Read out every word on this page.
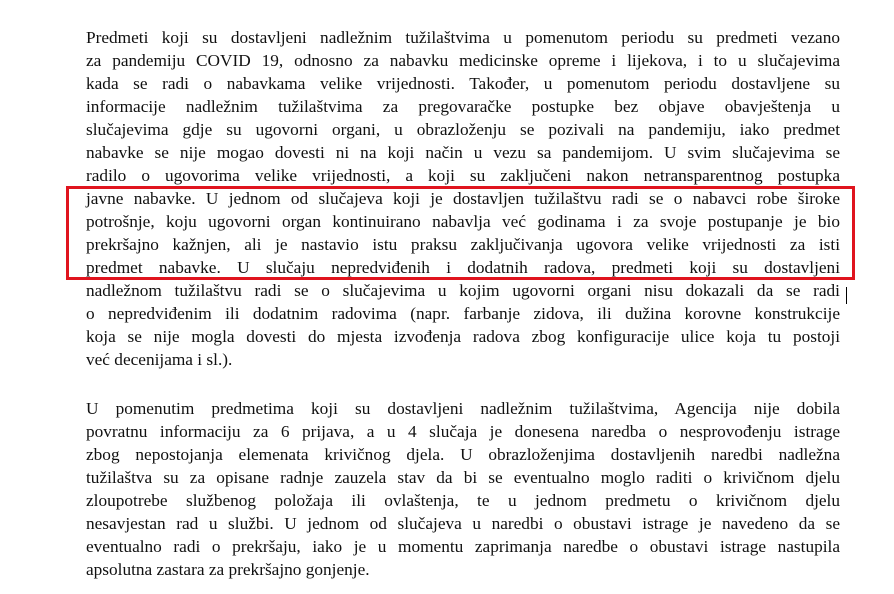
Predmeti koji su dostavljeni nadležnim tužilaštvima u pomenutom periodu su predmeti vezano
za pandemiju COVID 19, odnosno za nabavku medicinske opreme i lijekova, i to u slučajevima
kada se radi o nabavkama velike vrijednosti. Također, u pomenutom periodu dostavljene su
informacije nadležnim tužilaštvima za pregovaračke postupke bez objave obavještenja u
slučajevima gdje su ugovorni organi, u obrazloženju se pozivali na pandemiju, iako predmet
nabavke se nije mogao dovesti ni na koji način u vezu sa pandemijom. U svim slučajevima se
radilo o ugovorima velike vrijednosti, a koji su zaključeni nakon netransparentnog postupka
javne nabavke. U jednom od slučajeva koji je dostavljen tužilaštvu radi se o nabavci robe široke
potrošnje, koju ugovorni organ kontinuirano nabavlja već godinama i za svoje postupanje je bio
prekršajno kažnjen, ali je nastavio istu praksu zaključivanja ugovora velike vrijednosti za isti
predmet nabavke. U slučaju nepredviđenih i dodatnih radova, predmeti koji su dostavljeni
nadležnom tužilaštvu radi se o slučajevima u kojim ugovorni organi nisu dokazali da se radi
o nepredviđenim ili dodatnim radovima (napr. farbanje zidova, ili dužina korovne konstrukcije
koja se nije mogla dovesti do mjesta izvođenja radova zbog konfiguracije ulice koja tu postoji
već decenijama i sl.).
U pomenutim predmetima koji su dostavljeni nadležnim tužilaštvima, Agencija nije dobila
povratnu informaciju za 6 prijava, a u 4 slučaja je donesena naredba o nesprovođenju istrage
zbog nepostojanja elemenata krivičnog djela. U obrazloženjima dostavljenih naredbi nadležna
tužilaštva su za opisane radnje zauzela stav da bi se eventualno moglo raditi o krivičnom djelu
zloupotrebe službenog položaja ili ovlaštenja, te u jednom predmetu o krivičnom djelu
nesavjestan rad u službi. U jednom od slučajeva u naredbi o obustavi istrage je navedeno da se
eventualno radi o prekršaju, iako je u momentu zaprimanja naredbe o obustavi istrage nastupila
apsolutna zastara za prekršajno gonjenje.
